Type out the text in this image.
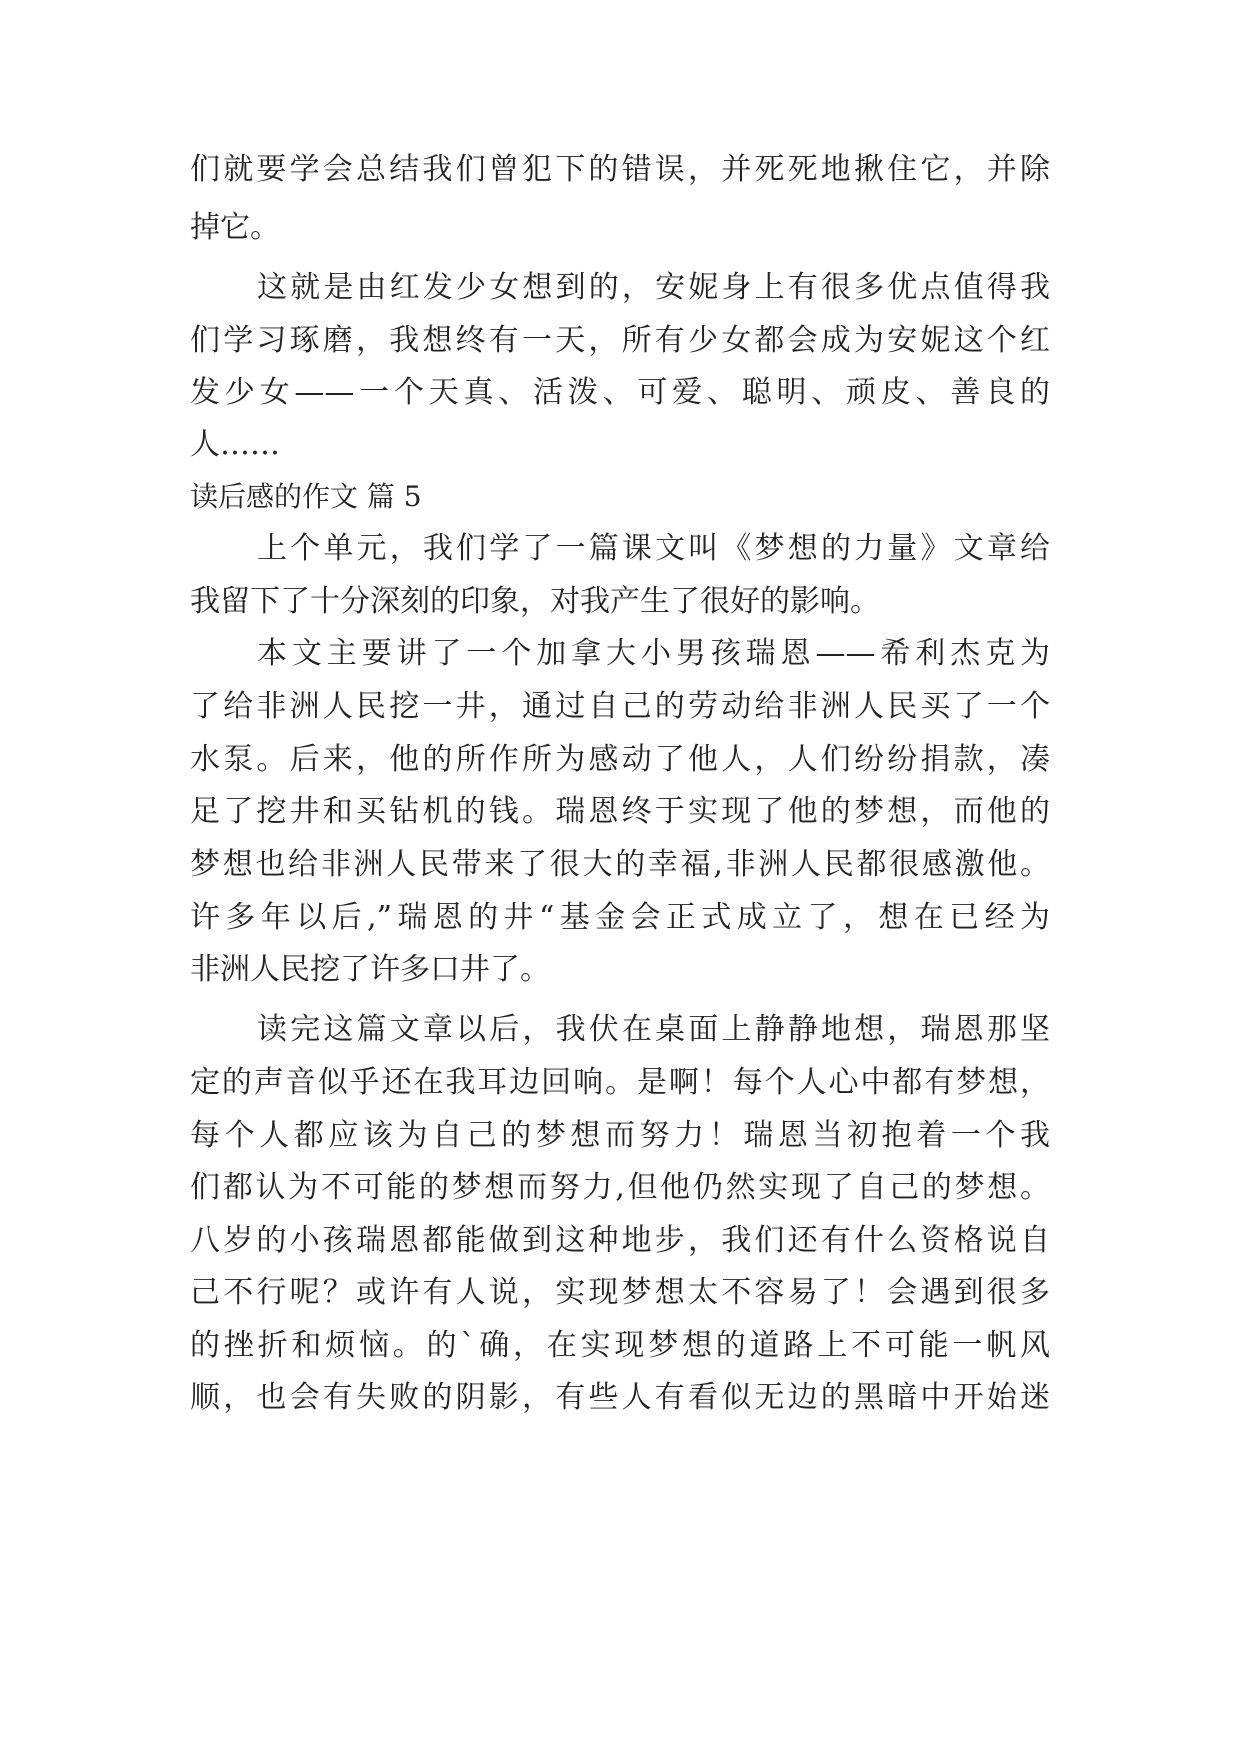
们就要学会总结我们曾犯下的错误，并死死地揪住它，并除
掉它。
这就是由红发少女想到的，安妮身上有很多优点值得我
们学习琢磨，我想终有一天，所有少女都会成为安妮这个红
发少女——一个天真、活泼、可爱、聪明、顽皮、善良的
人……
读后感的作文 篇 5
上个单元，我们学了一篇课文叫《梦想的力量》文章给
我留下了十分深刻的印象，对我产生了很好的影响。
本文主要讲了一个加拿大小男孩瑞恩——希利杰克为
了给非洲人民挖一井，通过自己的劳动给非洲人民买了一个
水泵。后来，他的所作所为感动了他人，人们纷纷捐款，凑
足了挖井和买钻机的钱。瑞恩终于实现了他的梦想，而他的
梦想也给非洲人民带来了很大的幸福,非洲人民都很感激他。
许多年以后,”瑞恩的井“基金会正式成立了，想在已经为
非洲人民挖了许多口井了。
读完这篇文章以后，我伏在桌面上静静地想，瑞恩那坚
定的声音似乎还在我耳边回响。是啊！每个人心中都有梦想，
每个人都应该为自己的梦想而努力！瑞恩当初抱着一个我
们都认为不可能的梦想而努力,但他仍然实现了自己的梦想。
八岁的小孩瑞恩都能做到这种地步，我们还有什么资格说自
己不行呢？或许有人说，实现梦想太不容易了！会遇到很多
的挫折和烦恼。的`确，在实现梦想的道路上不可能一帆风
顺，也会有失败的阴影，有些人有看似无边的黑暗中开始迷
